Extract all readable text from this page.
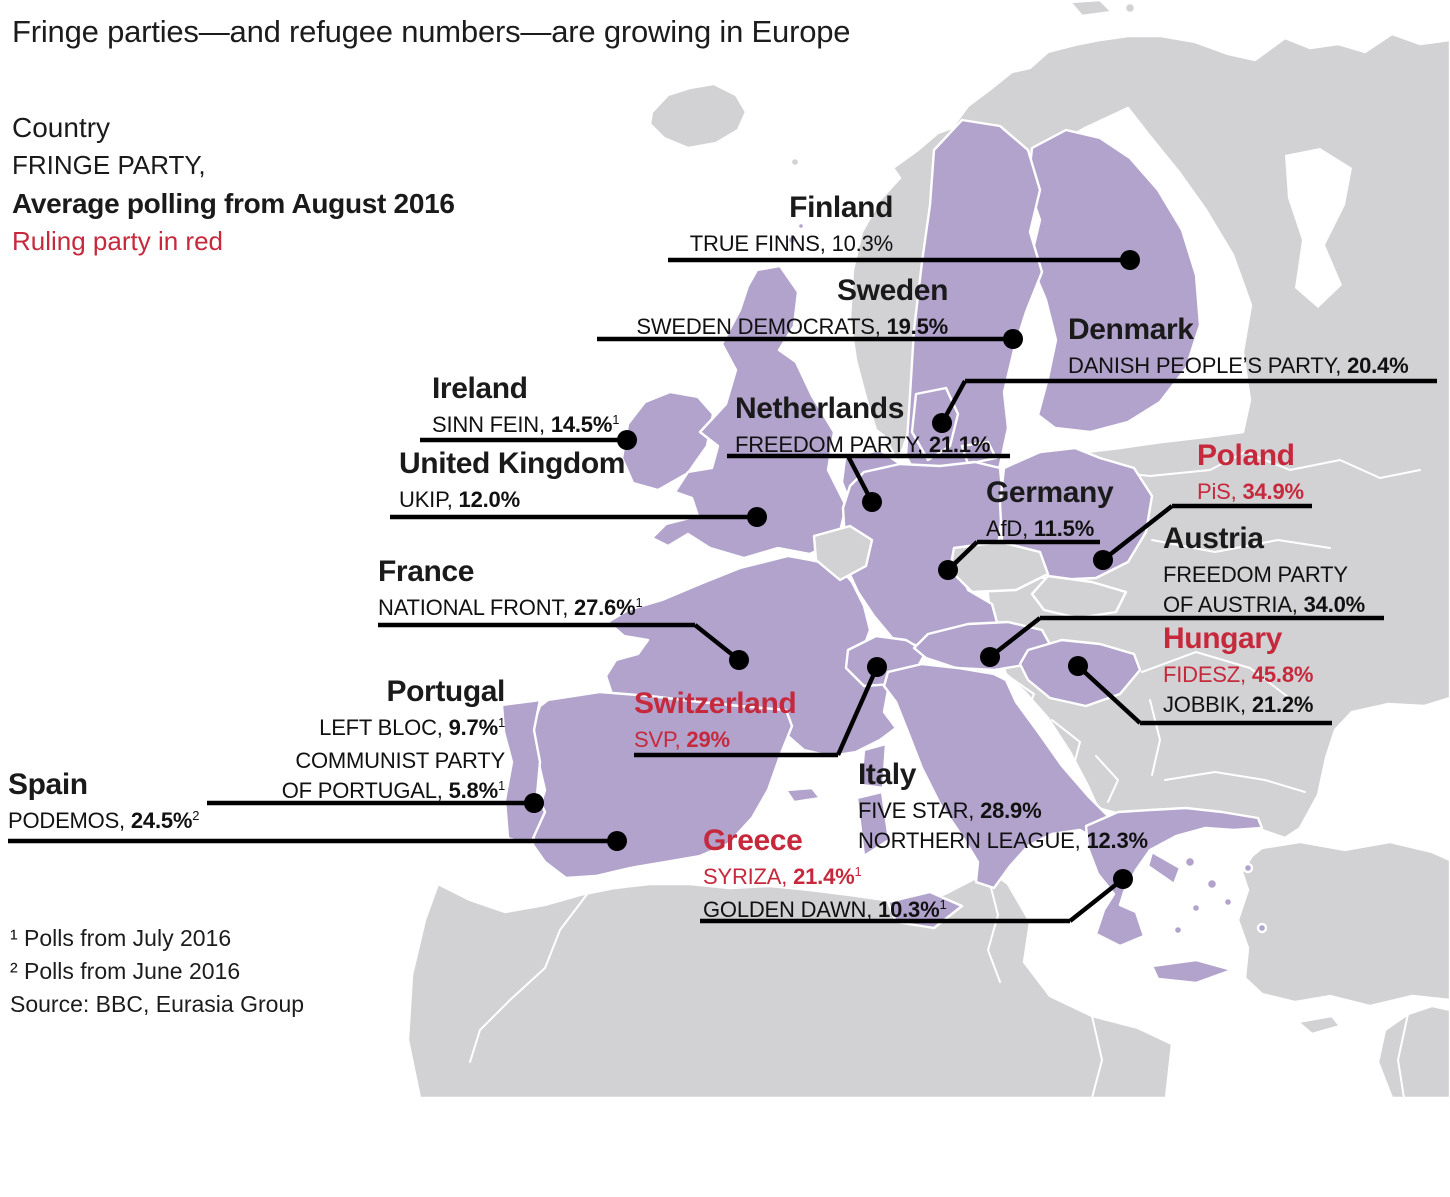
Fringe parties—and refugee numbers—are growing in Europe
Country
FRINGE PARTY,
Average polling from August 2016
Ruling party in red
¹ Polls from July 2016
² Polls from June 2016
Source: BBC, Eurasia Group
Finland
TRUE FINNS, 10.3%
Sweden
SWEDEN DEMOCRATS, 19.5%	Denmark
DANISH PEOPLE’S PARTY, 20.4%
Ireland
SINN FEIN, 14.5%$^1$
United Kingdom
UKIP, 12.0%
Netherlands
FREEDOM PARTY, 21.1%
Germany
AfD, 11.5%
Poland
PiS, 34.9%
Austria
FREEDOM PARTY
OF AUSTRIA, 34.0%
Hungary
FIDESZ, 45.8%
JOBBIK, 21.2%
France
NATIONAL FRONT, 27.6%$^1$
Switzerland
SVP, 29%
Portugal
LEFT BLOC, 9.7%$^1$
COMMUNIST PARTY
OF PORTUGAL, 5.8%$^1$
Spain
PODEMOS, 24.5%$^2$
Italy
FIVE STAR, 28.9%
NORTHERN LEAGUE, 12.3%
Greece
SYRIZA, 21.4%$^1$
GOLDEN DAWN, 10.3%$^1$
